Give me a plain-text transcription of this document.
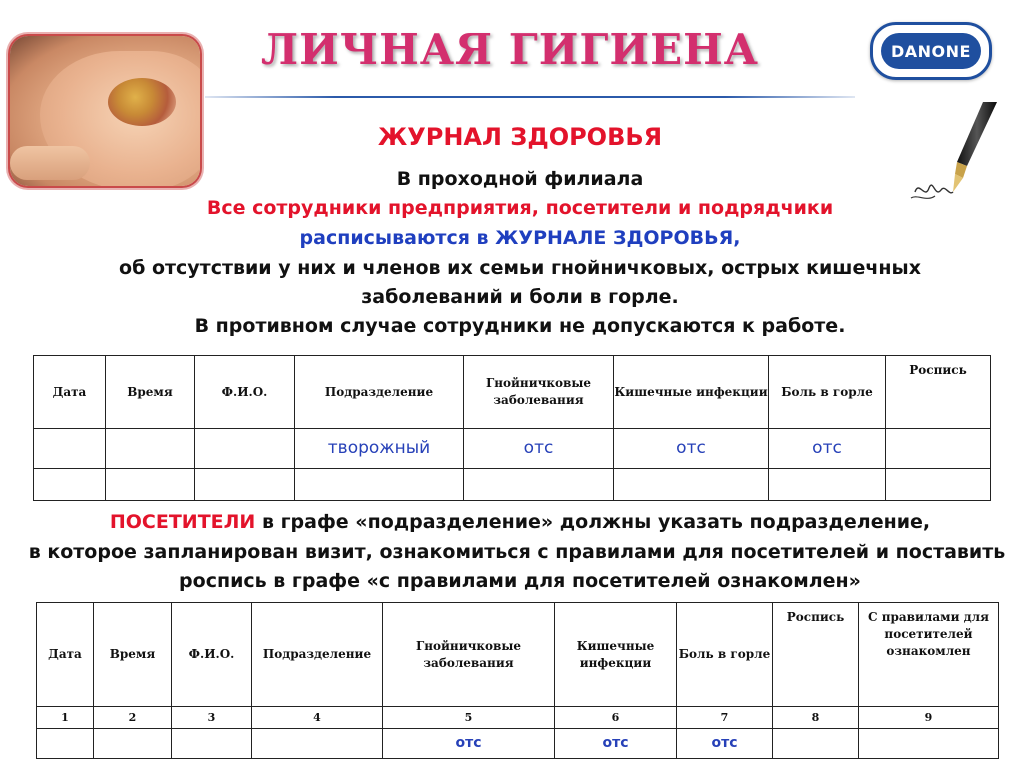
ЛИЧНАЯ ГИГИЕНА	DANONE
ЖУРНАЛ ЗДОРОВЬЯ
В проходной филиала
Все сотрудники предприятия, посетители и подрядчики
расписываются в ЖУРНАЛЕ ЗДОРОВЬЯ,
об отсутствии у них и членов их семьи гнойничковых, острых кишечных
заболеваний и боли в горле.
В противном случае сотрудники не допускаются к работе.
Дата	Время	Ф.И.О.	Подразделение	Гнойничковые заболевания	Кишечные инфекции	Боль в горле	Роспись
			творожный	отс	отс	отс	

ПОСЕТИТЕЛИ в графе «подразделение» должны указать подразделение,
в которое запланирован визит, ознакомиться с правилами для посетителей и поставить
роспись в графе «с правилами для посетителей ознакомлен»
Дата	Время	Ф.И.О.	Подразделение	Гнойничковые заболевания	Кишечные инфекции	Боль в горле	Роспись	С правилами для посетителей ознакомлен
1	2	3	4	5	6	7	8	9
				отс	отс	отс		
